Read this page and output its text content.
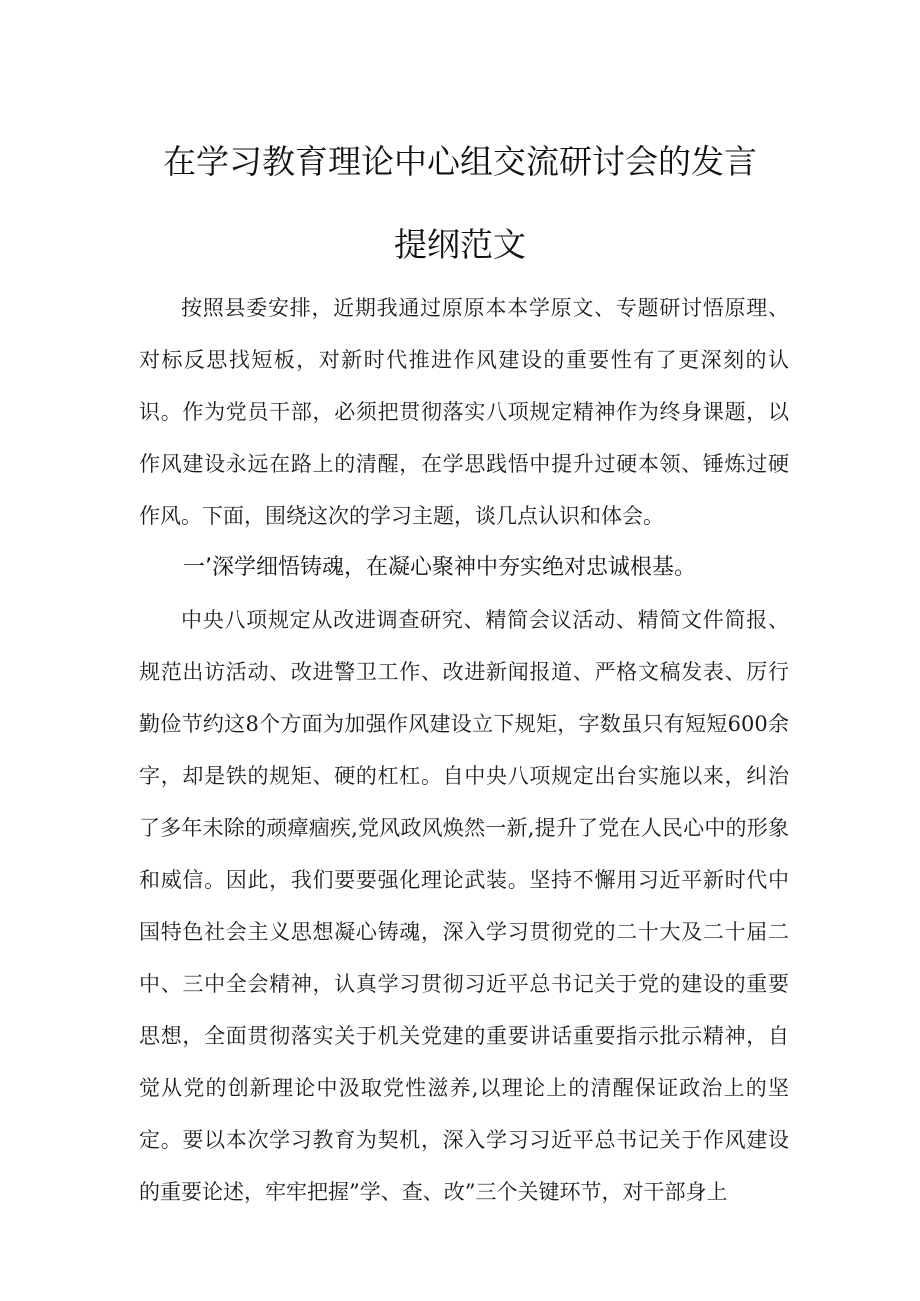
在学习教育理论中心组交流研讨会的发言
提纲范文

按照县委安排，近期我通过原原本本学原文、专题研讨悟原理、对标反思找短板，对新时代推进作风建设的重要性有了更深刻的认识。作为党员干部，必须把贯彻落实八项规定精神作为终身课题，以作风建设永远在路上的清醒，在学思践悟中提升过硬本领、锤炼过硬作风。下面，围绕这次的学习主题，谈几点认识和体会。

一’深学细悟铸魂，在凝心聚神中夯实绝对忠诚根基。

中央八项规定从改进调查研究、精简会议活动、精简文件简报、规范出访活动、改进警卫工作、改进新闻报道、严格文稿发表、厉行勤俭节约这8个方面为加强作风建设立下规矩，字数虽只有短短600余字，却是铁的规矩、硬的杠杠。自中央八项规定出台实施以来，纠治了多年未除的顽瘴痼疾,党风政风焕然一新,提升了党在人民心中的形象和威信。因此，我们要要强化理论武装。坚持不懈用习近平新时代中国特色社会主义思想凝心铸魂，深入学习贯彻党的二十大及二十届二中、三中全会精神，认真学习贯彻习近平总书记关于党的建设的重要思想，全面贯彻落实关于机关党建的重要讲话重要指示批示精神，自觉从党的创新理论中汲取党性滋养,以理论上的清醒保证政治上的坚定。要以本次学习教育为契机，深入学习习近平总书记关于作风建设的重要论述，牢牢把握”学、查、改”三个关键环节，对干部身上
